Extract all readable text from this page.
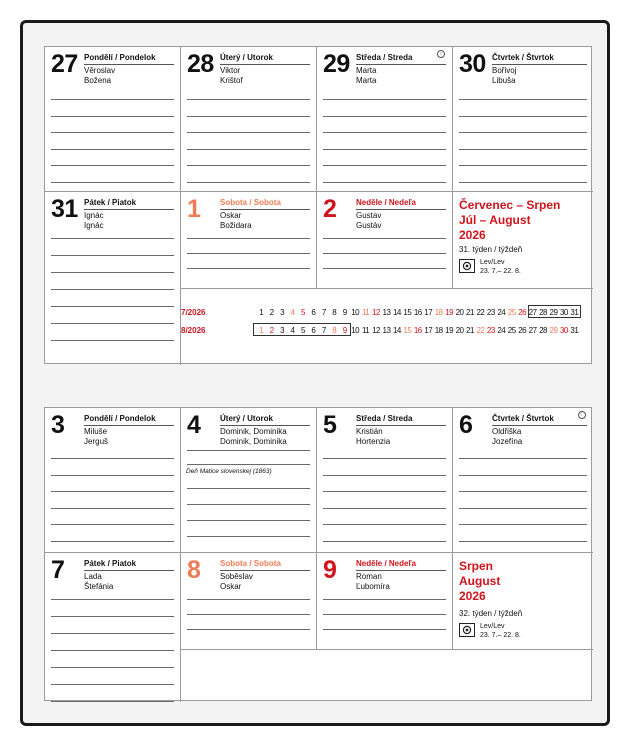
27 Pondělí / Pondelok
Věroslav
Božena
28 Úterý / Utorok
Viktor
Krištof
29 Středa / Streda	○
Marta
Marta
30 Čtvrtek / Štvrtok
Bořivoj
Libuša
31 Pátek / Piatok
Ignác
Ignác
1 Sobota / Sobota
Oskar
Božidara
2 Neděle / Nedeľa
Gustav
Gustáv
Červenec – Srpen
Júl – August
2026
31. týden / týždeň
Lev/Lev
23. 7.– 22. 8.
7/2026	1 2 3 4 5 6 7 8 9 10 11 12 13 14 15 16 17 18 19 20 21 22 23 24 25 26 27 28 29 30 31
8/2026	1 2 3 4 5 6 7 8 9 10 11 12 13 14 15 16 17 18 19 20 21 22 23 24 25 26 27 28 29 30 31
3 Pondělí / Pondelok
Miluše
Jerguš
4 Úterý / Utorok
Dominik, Dominika
Dominik, Dominika
Deň Matice slovenskej (1863)
5 Středa / Streda
Kristián
Hortenzia
6 Čtvrtek / Štvrtok	☾
Oldřiška
Jozefína
7 Pátek / Piatok
Lada
Štefánia
8 Sobota / Sobota
Soběslav
Oskar
9 Neděle / Nedeľa
Roman
Ľubomíra
Srpen
August
2026
32. týden / týždeň
Lev/Lev
23. 7.– 22. 8.
